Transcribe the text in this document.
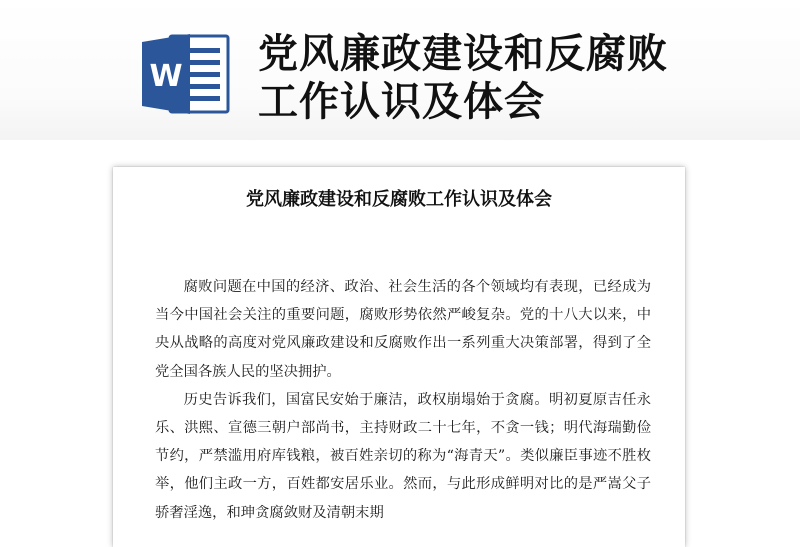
W 党风廉政建设和反腐败工作认识及体会
党风廉政建设和反腐败工作认识及体会

腐败问题在中国的经济、政治、社会生活的各个领域均有表现，已经成为当今中国社会关注的重要问题，腐败形势依然严峻复杂。党的十八大以来，中央从战略的高度对党风廉政建设和反腐败作出一系列重大决策部署，得到了全党全国各族人民的坚决拥护。

历史告诉我们，国富民安始于廉洁，政权崩塌始于贪腐。明初夏原吉任永乐、洪熙、宣德三朝户部尚书，主持财政二十七年，不贪一钱；明代海瑞勤俭节约，严禁滥用府库钱粮，被百姓亲切的称为“海青天”。类似廉臣事迹不胜枚举，他们主政一方，百姓都安居乐业。然而，与此形成鲜明对比的是严嵩父子骄奢淫逸，和珅贪腐敛财及清朝末期
